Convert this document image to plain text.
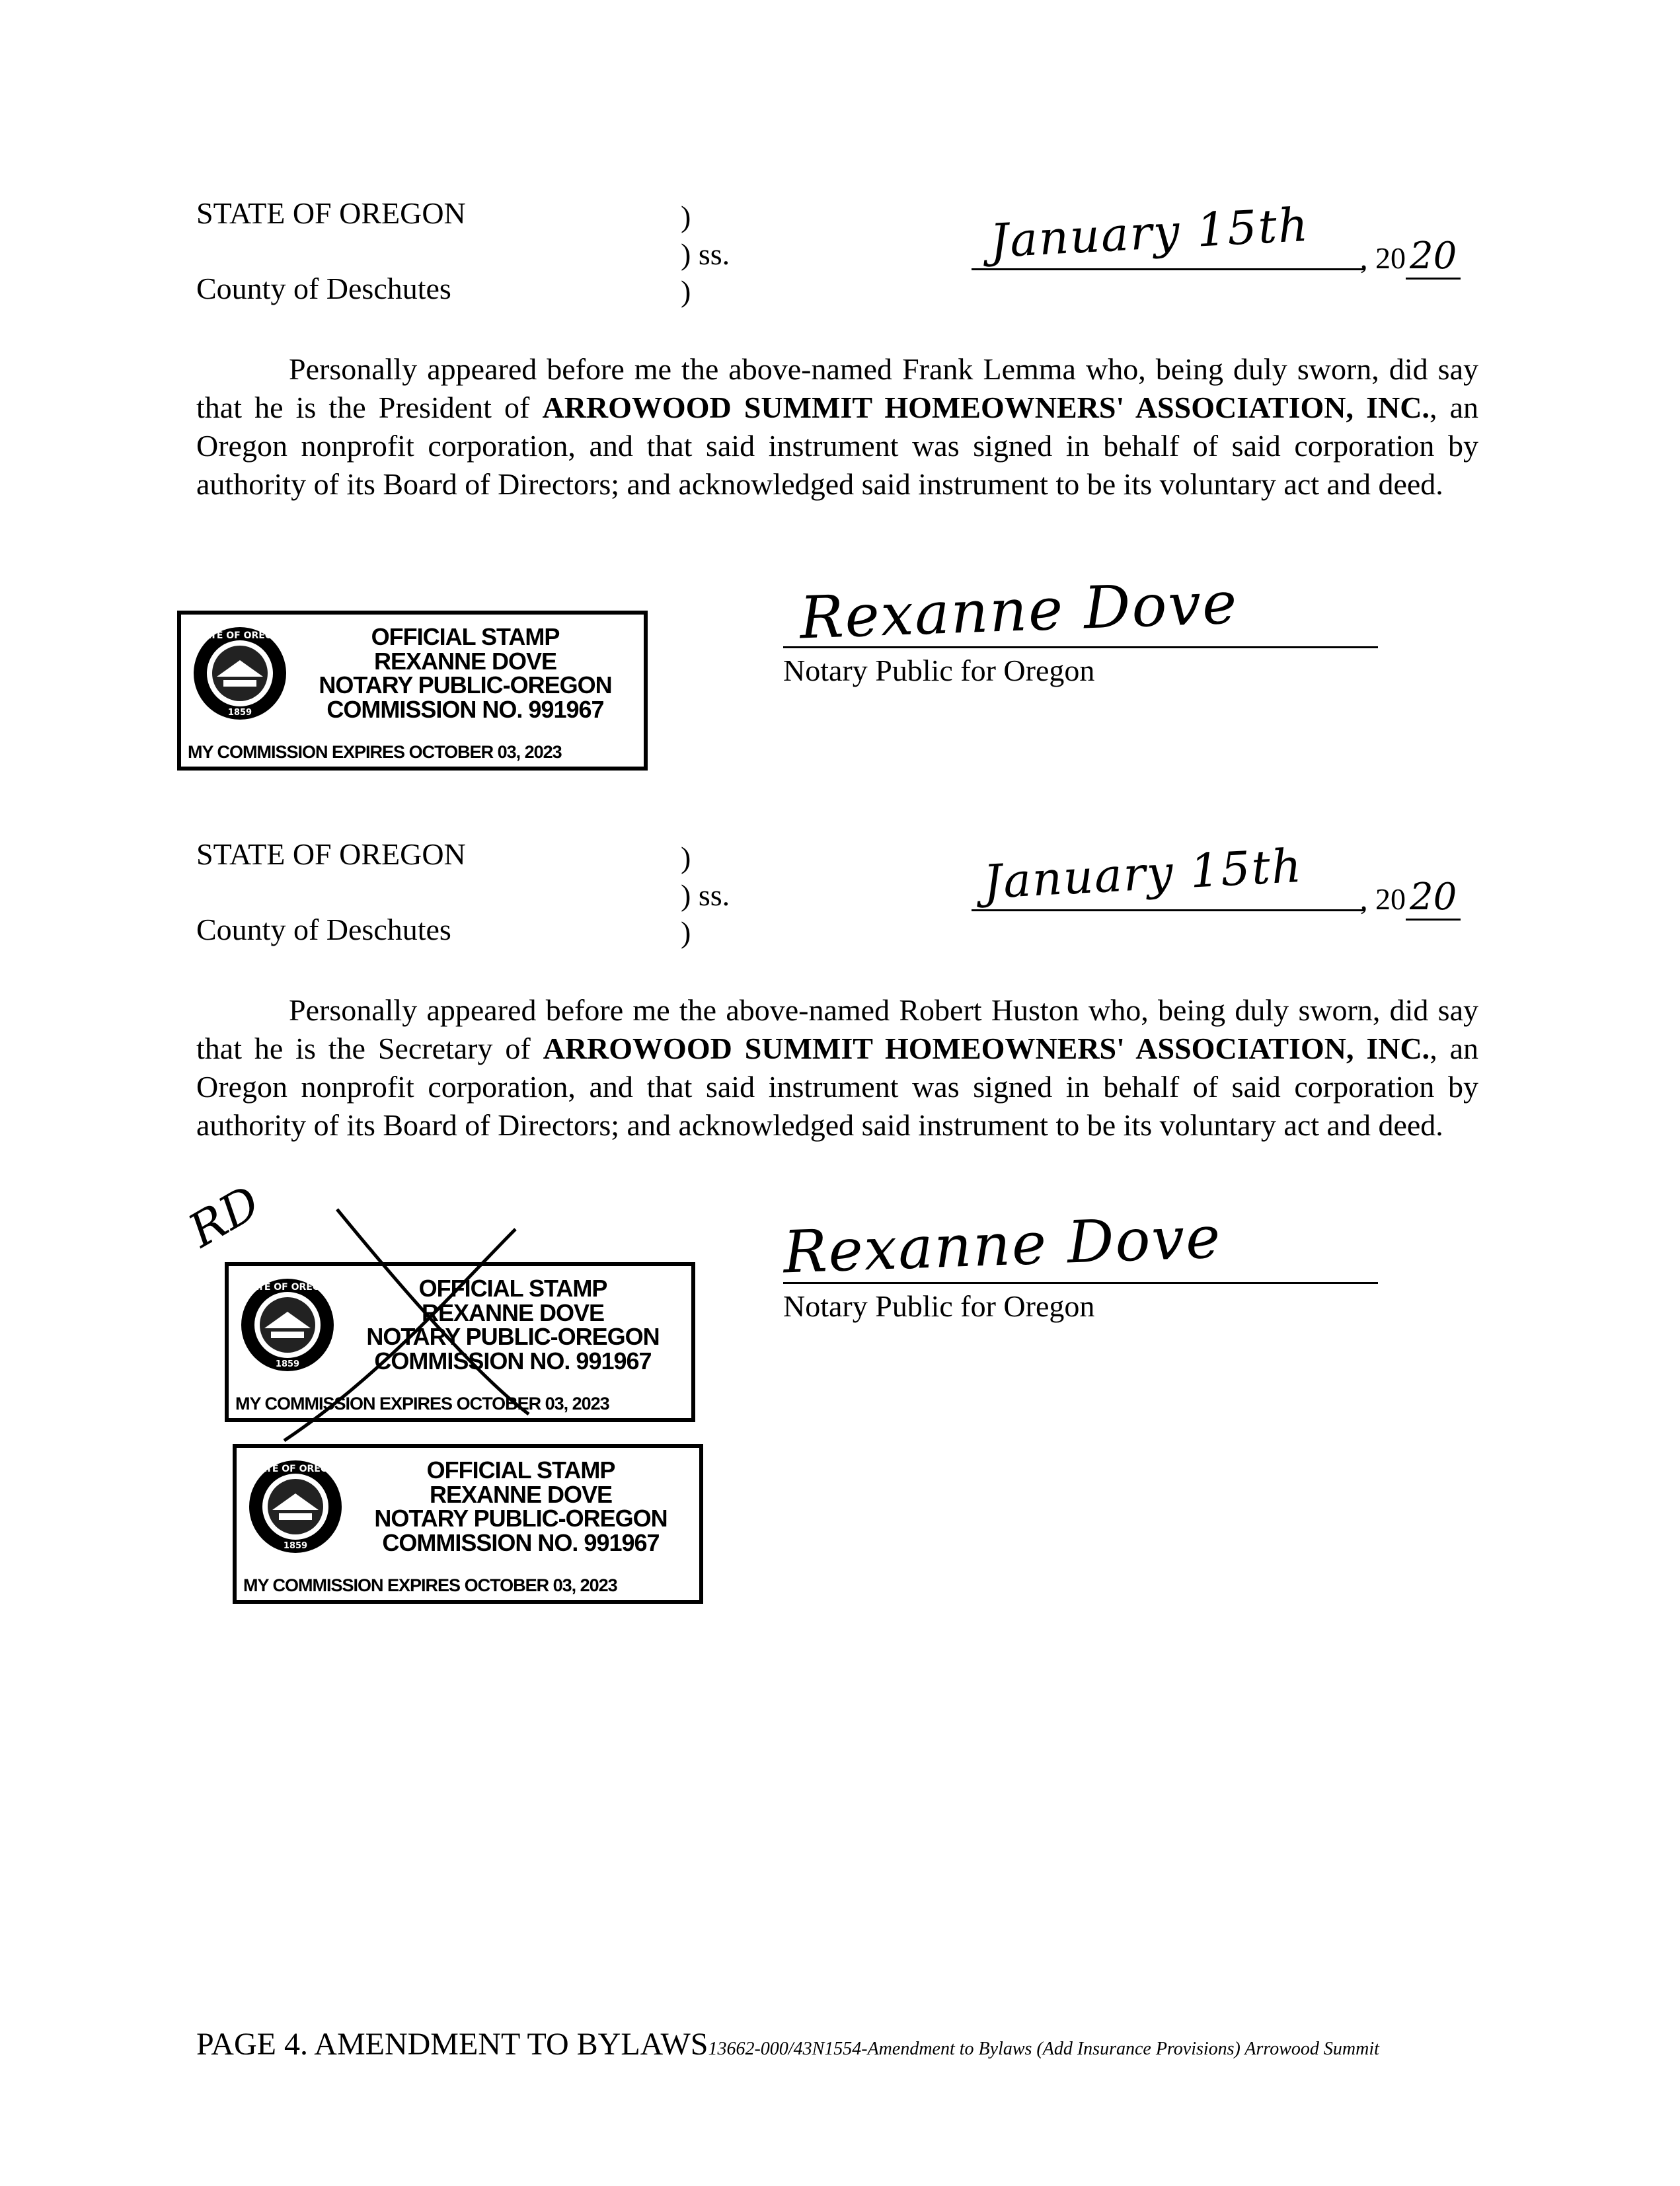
STATE OF OREGON
County of Deschutes
)
) ss.
)
January 15th , 20 20
Personally appeared before me the above-named Frank Lemma who, being duly sworn, did say that he is the President of ARROWOOD SUMMIT HOMEOWNERS' ASSOCIATION, INC., an Oregon nonprofit corporation, and that said instrument was signed in behalf of said corporation by authority of its Board of Directors; and acknowledged said instrument to be its voluntary act and deed.
STATE OF OREGON
1859
OFFICIAL STAMP
REXANNE DOVE
NOTARY PUBLIC-OREGON
COMMISSION NO. 991967
MY COMMISSION EXPIRES OCTOBER 03, 2023
Rexanne Dove
Notary Public for Oregon
STATE OF OREGON
County of Deschutes
)
) ss.
)
January 15th , 20 20
Personally appeared before me the above-named Robert Huston who, being duly sworn, did say that he is the Secretary of ARROWOOD SUMMIT HOMEOWNERS' ASSOCIATION, INC., an Oregon nonprofit corporation, and that said instrument was signed in behalf of said corporation by authority of its Board of Directors; and acknowledged said instrument to be its voluntary act and deed.
RD
STATE OF OREGON
1859
OFFICIAL STAMP
REXANNE DOVE
NOTARY PUBLIC-OREGON
COMMISSION NO. 991967
MY COMMISSION EXPIRES OCTOBER 03, 2023
STATE OF OREGON
1859
OFFICIAL STAMP
REXANNE DOVE
NOTARY PUBLIC-OREGON
COMMISSION NO. 991967
MY COMMISSION EXPIRES OCTOBER 03, 2023
Rexanne Dove
Notary Public for Oregon
PAGE 4. AMENDMENT TO BYLAWS13662-000/43N1554-Amendment to Bylaws (Add Insurance Provisions) Arrowood Summit
